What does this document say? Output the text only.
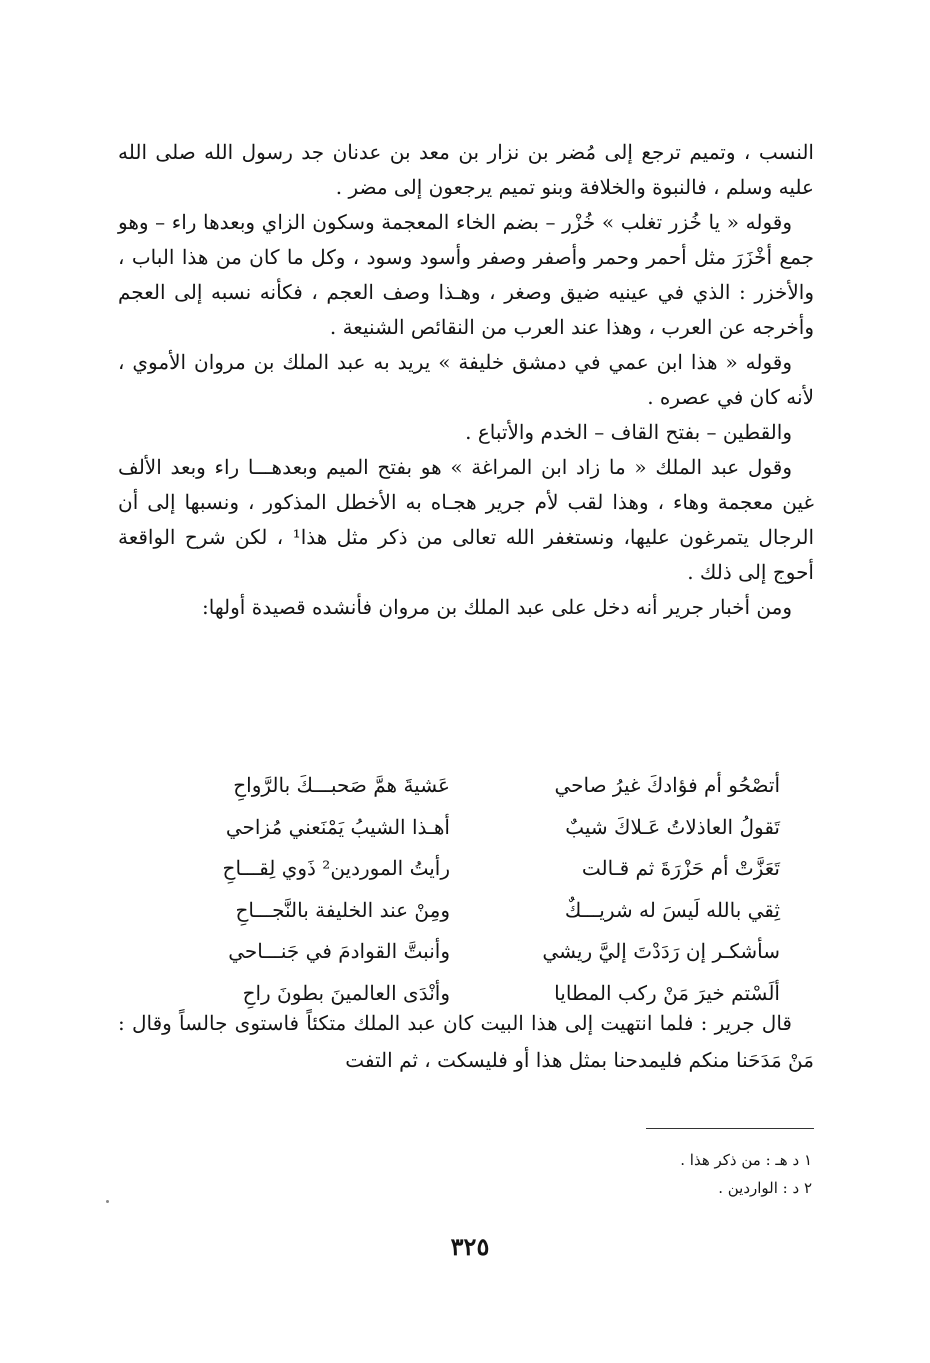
النسب ، وتميم ترجع إلى مُضر بن نزار بن معد بن عدنان جد رسول الله صلى الله عليه وسلم ، فالنبوة والخلافة وبنو تميم يرجعون إلى مضر .

وقوله « يا خُزر تغلب » خُزْر – بضم الخاء المعجمة وسكون الزاي وبعدها راء – وهو جمع أخْزَرَ مثل أحمر وحمر وأصفر وصفر وأسود وسود ، وكل ما كان من هذا الباب ، والأخزر : الذي في عينيه ضيق وصغر ، وهـذا وصف العجم ، فكأنه نسبه إلى العجم وأخرجه عن العرب ، وهذا عند العرب من النقائص الشنيعة .

وقوله « هذا ابن عمي في دمشق خليفة » يريد به عبد الملك بن مروان الأموي ، لأنه كان في عصره .

والقطين – بفتح القاف – الخدم والأتباع .

وقول عبد الملك « ما زاد ابن المراغة » هو بفتح الميم وبعدهـــا راء وبعد الألف غين معجمة وهاء ، وهذا لقب لأم جرير هجـاه به الأخطل المذكور ، ونسبها إلى أن الرجال يتمرغون عليها، ونستغفر الله تعالى من ذكر مثل هذا¹ ، لكن شرح الواقعة أحوج إلى ذلك .

ومن أخبار جرير أنه دخل على عبد الملك بن مروان فأنشده قصيدة أولها:

أتصْحُو أم فؤادكَ غيرُ صاحي
عَشيةَ همَّ صَحبـــكَ بالرَّواحِ
تَقولُ العاذلاتُ عَـلاكَ شيبٌ
أهـذا الشيبُ يَمْنَعني مُزاحي
تَعَزَّتْ أم حَزْرَةَ ثم قـالت
رأيتُ الموردين² ذَوي لِقـــاحِ
ثِقي بالله لَيسَ له شريـــكٌ
ومِنْ عند الخليفة بالنَّجـــاحِ
سأشكـر إن رَدَدْتَ إليَّ ريشي
وأنبتَّ القوادمَ في جَنـــاحي
ألَسْتم خيرَ مَنْ ركب المطايا
وأنْدَى العالمينَ بطونَ راحِ

قال جرير : فلما انتهيت إلى هذا البيت كان عبد الملك متكئاً فاستوى جالساً وقال : مَنْ مَدَحَنا منكم فليمدحنا بمثل هذا أو فليسكت ، ثم التفت

١ د هـ : من ذكر هذا .
٢ د : الواردين .
٣٢٥
